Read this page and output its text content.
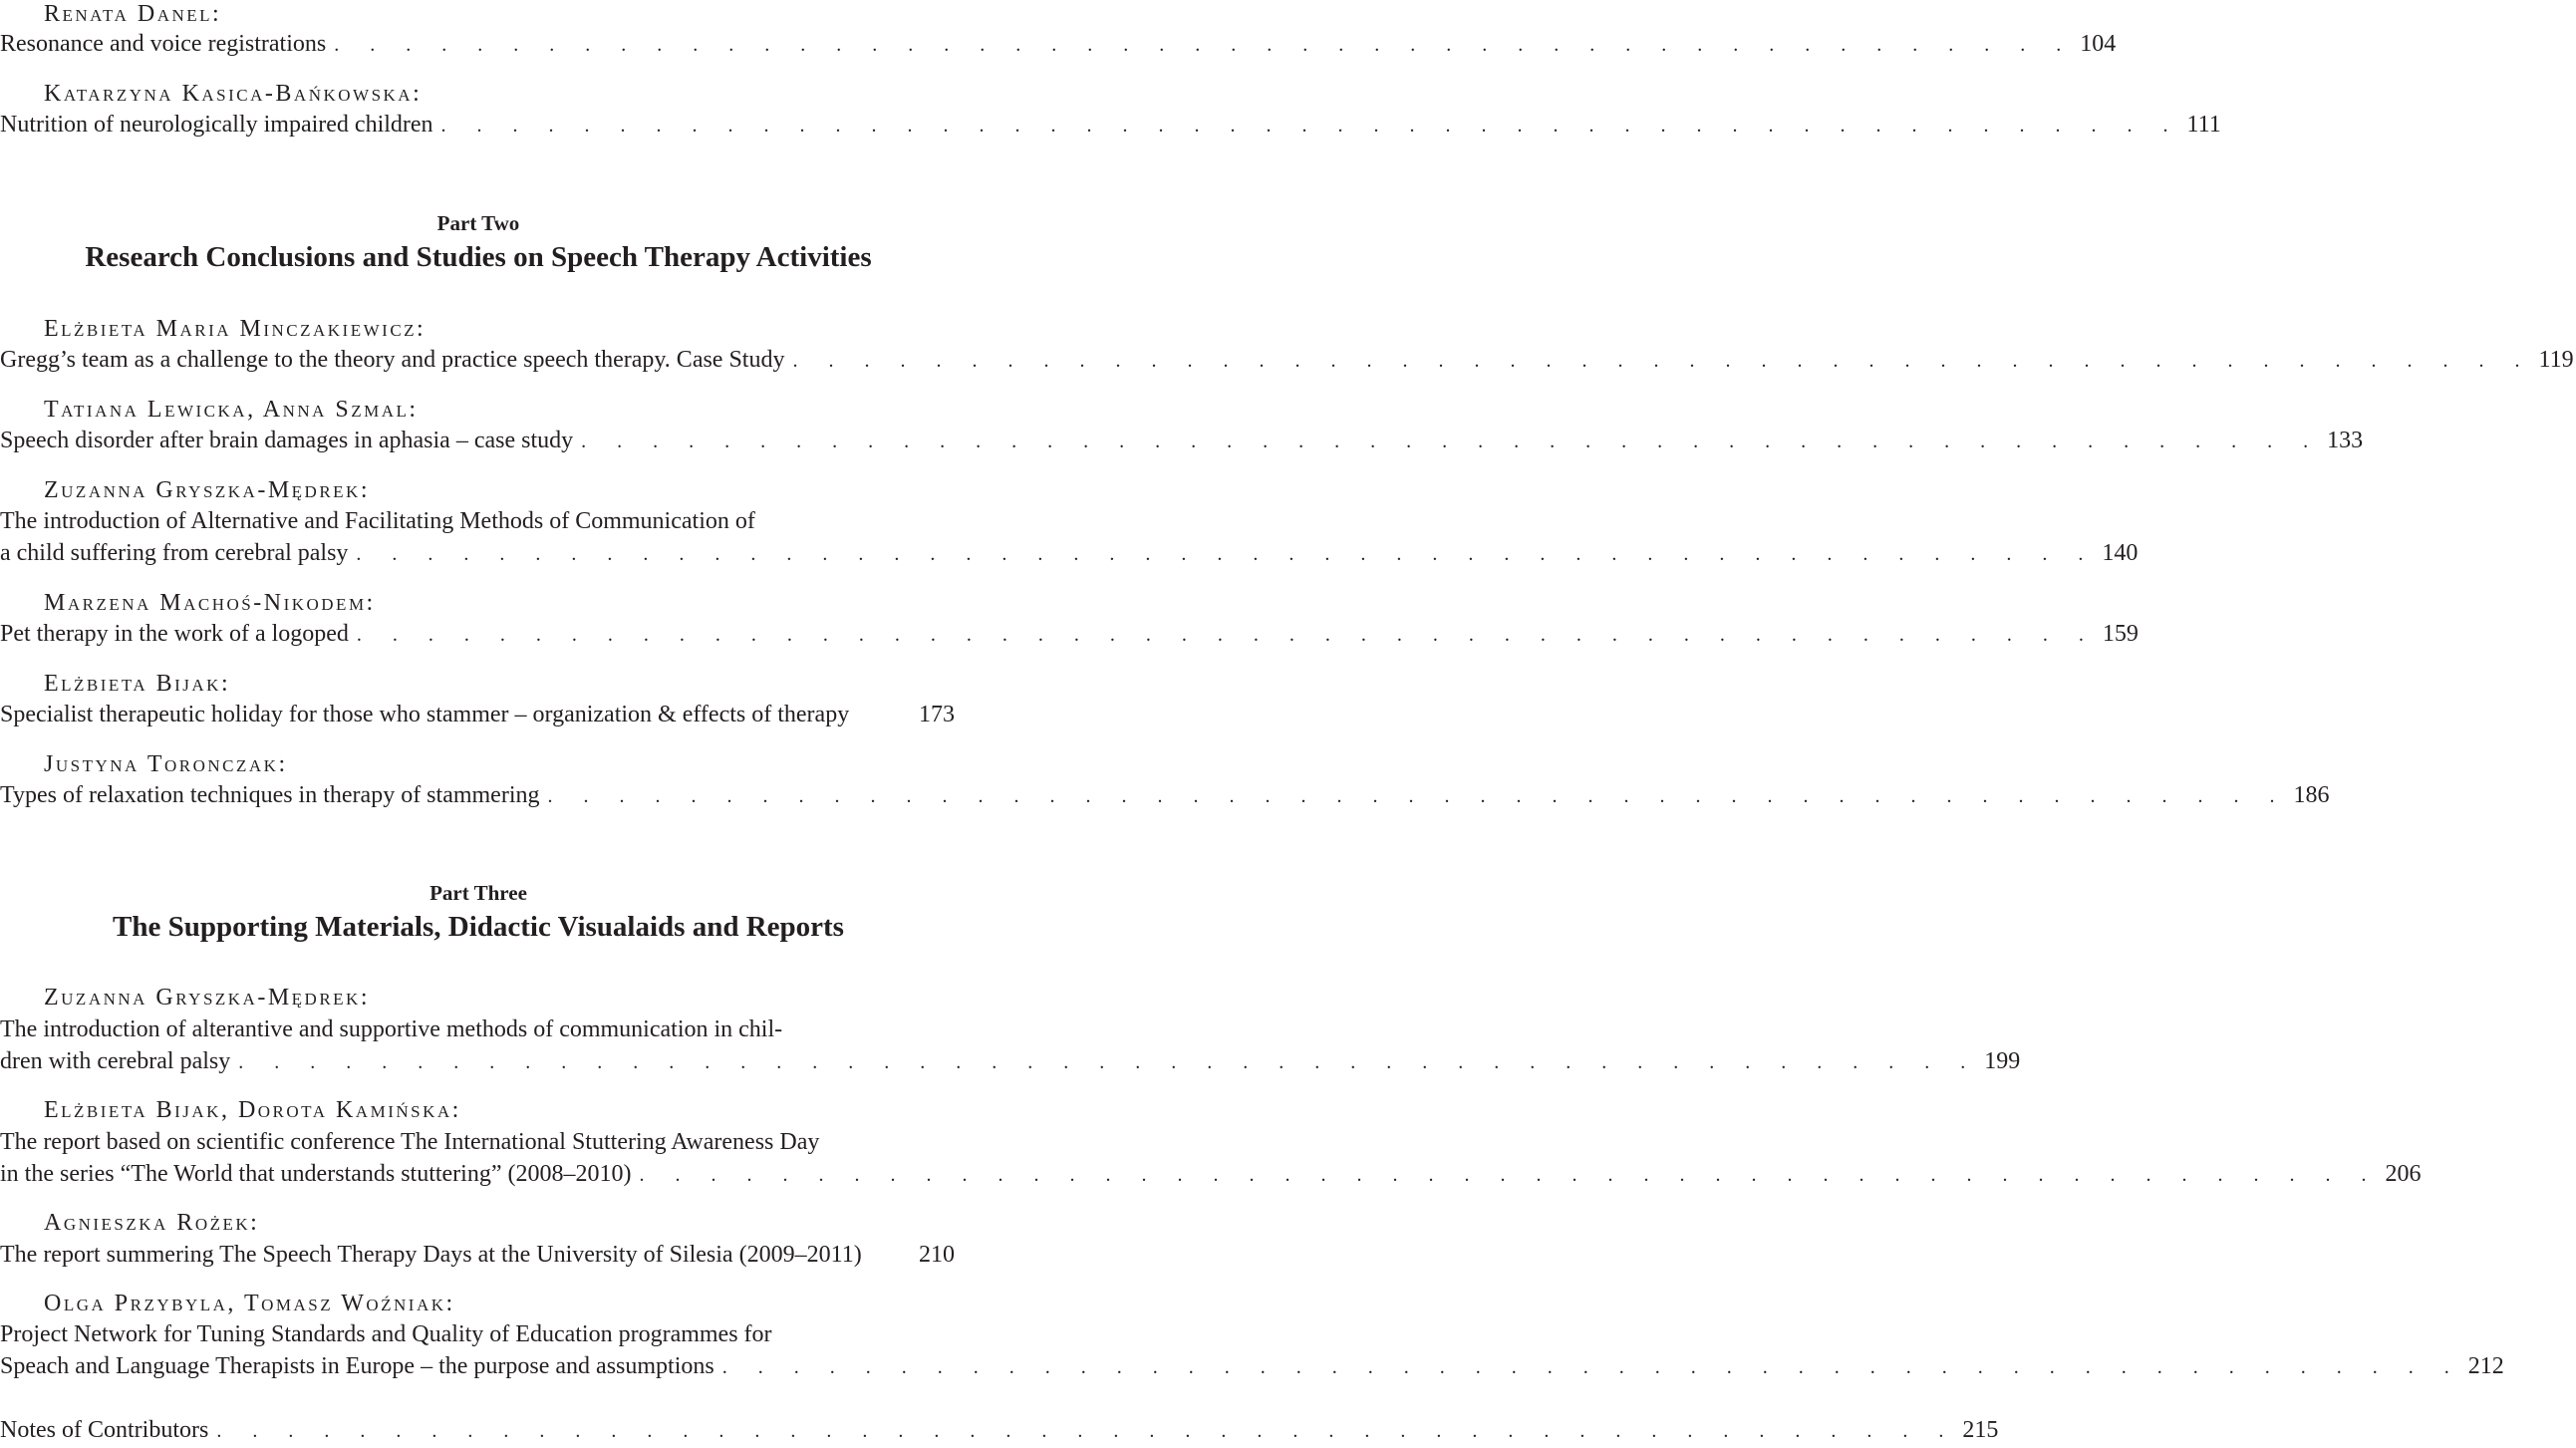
Renata Danel:
Resonance and voice registrations . . . . . . . . . . . . . . . . . . . . . . . . . . . . . . . . . . . . . . . . . . . . . . . . . 104
Katarzyna Kasica-Bańkowska:
Nutrition of neurologically impaired children . . . . . . . . . . . . . . . . . . . . . . . . . . . . . . . . . . . . . . . . . . . . . . . . . 111
Part Two
Research Conclusions and Studies on Speech Therapy Activities
Elżbieta Maria Minczakiewicz:
Gregg’s team as a challenge to the theory and practice speech therapy. Case Study . . . . . . . . . . . . . . . . . . . . . . . . . . . . . . . . . . . . . . . . . . . . . . . . . 119
Tatiana Lewicka, Anna Szmal:
Speech disorder after brain damages in aphasia – case study . . . . . . . . . . . . . . . . . . . . . . . . . . . . . . . . . . . . . . . . . . . . . . . . . 133
Zuzanna Gryszka-Mędrek:
The introduction of Alternative and Facilitating Methods of Communication of
a child suffering from cerebral palsy . . . . . . . . . . . . . . . . . . . . . . . . . . . . . . . . . . . . . . . . . . . . . . . . . 140
Marzena Machoś-Nikodem:
Pet therapy in the work of a logoped . . . . . . . . . . . . . . . . . . . . . . . . . . . . . . . . . . . . . . . . . . . . . . . . . 159
Elżbieta Bijak:
Specialist therapeutic holiday for those who stammer – organization & effects of therapy	173
Justyna Toronczak:
Types of relaxation techniques in therapy of stammering . . . . . . . . . . . . . . . . . . . . . . . . . . . . . . . . . . . . . . . . . . . . . . . . . 186
Part Three
The Supporting Materials, Didactic Visualaids and Reports
Zuzanna Gryszka-Mędrek:
The introduction of alterantive and supportive methods of communication in chil-
dren with cerebral palsy . . . . . . . . . . . . . . . . . . . . . . . . . . . . . . . . . . . . . . . . . . . . . . . . . 199
Elżbieta Bijak, Dorota Kamińska:
The report based on scientific conference The International Stuttering Awareness Day
in the series “The World that understands stuttering” (2008–2010) . . . . . . . . . . . . . . . . . . . . . . . . . . . . . . . . . . . . . . . . . . . . . . . . . 206
Agnieszka Rożek:
The report summering The Speech Therapy Days at the University of Silesia (2009–2011)	210
Olga Przybyla, Tomasz Woźniak:
Project Network for Tuning Standards and Quality of Education programmes for
Speach and Language Therapists in Europe – the purpose and assumptions . . . . . . . . . . . . . . . . . . . . . . . . . . . . . . . . . . . . . . . . . . . . . . . . . 212
Notes of Contributors . . . . . . . . . . . . . . . . . . . . . . . . . . . . . . . . . . . . . . . . . . . . . . . . . 215
